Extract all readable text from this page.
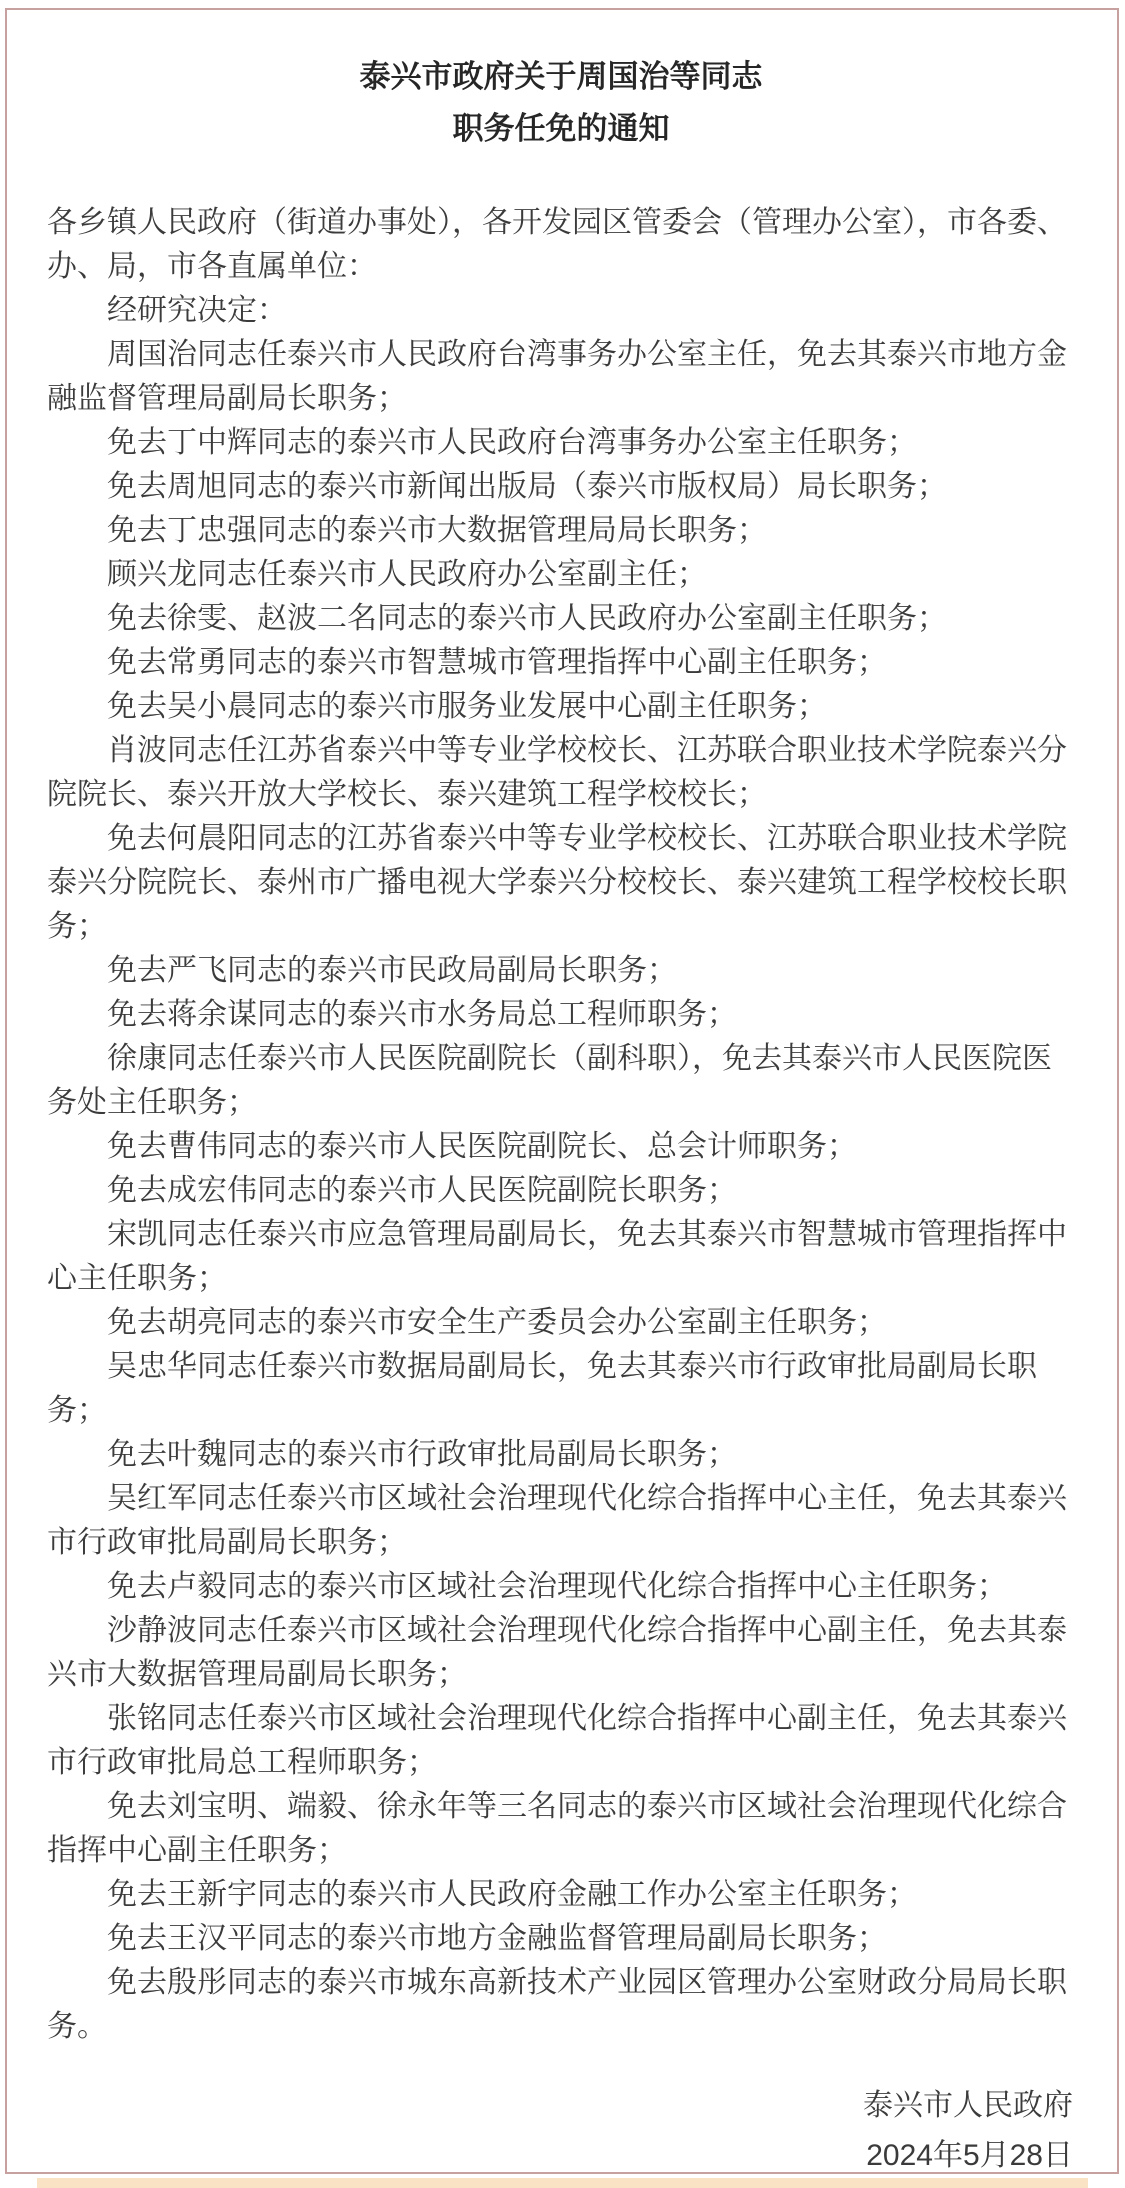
泰兴市政府关于周国治等同志
职务任免的通知

各乡镇人民政府（街道办事处），各开发园区管委会（管理办公室），市各委、办、局，市各直属单位：

经研究决定：

周国治同志任泰兴市人民政府台湾事务办公室主任，免去其泰兴市地方金融监督管理局副局长职务；

免去丁中辉同志的泰兴市人民政府台湾事务办公室主任职务；

免去周旭同志的泰兴市新闻出版局（泰兴市版权局）局长职务；

免去丁忠强同志的泰兴市大数据管理局局长职务；

顾兴龙同志任泰兴市人民政府办公室副主任；

免去徐雯、赵波二名同志的泰兴市人民政府办公室副主任职务；

免去常勇同志的泰兴市智慧城市管理指挥中心副主任职务；

免去吴小晨同志的泰兴市服务业发展中心副主任职务；

肖波同志任江苏省泰兴中等专业学校校长、江苏联合职业技术学院泰兴分院院长、泰兴开放大学校长、泰兴建筑工程学校校长；

免去何晨阳同志的江苏省泰兴中等专业学校校长、江苏联合职业技术学院泰兴分院院长、泰州市广播电视大学泰兴分校校长、泰兴建筑工程学校校长职务；

免去严飞同志的泰兴市民政局副局长职务；

免去蒋余谋同志的泰兴市水务局总工程师职务；

徐康同志任泰兴市人民医院副院长（副科职），免去其泰兴市人民医院医务处主任职务；

免去曹伟同志的泰兴市人民医院副院长、总会计师职务；

免去成宏伟同志的泰兴市人民医院副院长职务；

宋凯同志任泰兴市应急管理局副局长，免去其泰兴市智慧城市管理指挥中心主任职务；

免去胡亮同志的泰兴市安全生产委员会办公室副主任职务；

吴忠华同志任泰兴市数据局副局长，免去其泰兴市行政审批局副局长职务；

免去叶魏同志的泰兴市行政审批局副局长职务；

吴红军同志任泰兴市区域社会治理现代化综合指挥中心主任，免去其泰兴市行政审批局副局长职务；

免去卢毅同志的泰兴市区域社会治理现代化综合指挥中心主任职务；

沙静波同志任泰兴市区域社会治理现代化综合指挥中心副主任，免去其泰兴市大数据管理局副局长职务；

张铭同志任泰兴市区域社会治理现代化综合指挥中心副主任，免去其泰兴市行政审批局总工程师职务；

免去刘宝明、端毅、徐永年等三名同志的泰兴市区域社会治理现代化综合指挥中心副主任职务；

免去王新宇同志的泰兴市人民政府金融工作办公室主任职务；

免去王汉平同志的泰兴市地方金融监督管理局副局长职务；

免去殷彤同志的泰兴市城东高新技术产业园区管理办公室财政分局局长职务。

泰兴市人民政府
2024年5月28日
